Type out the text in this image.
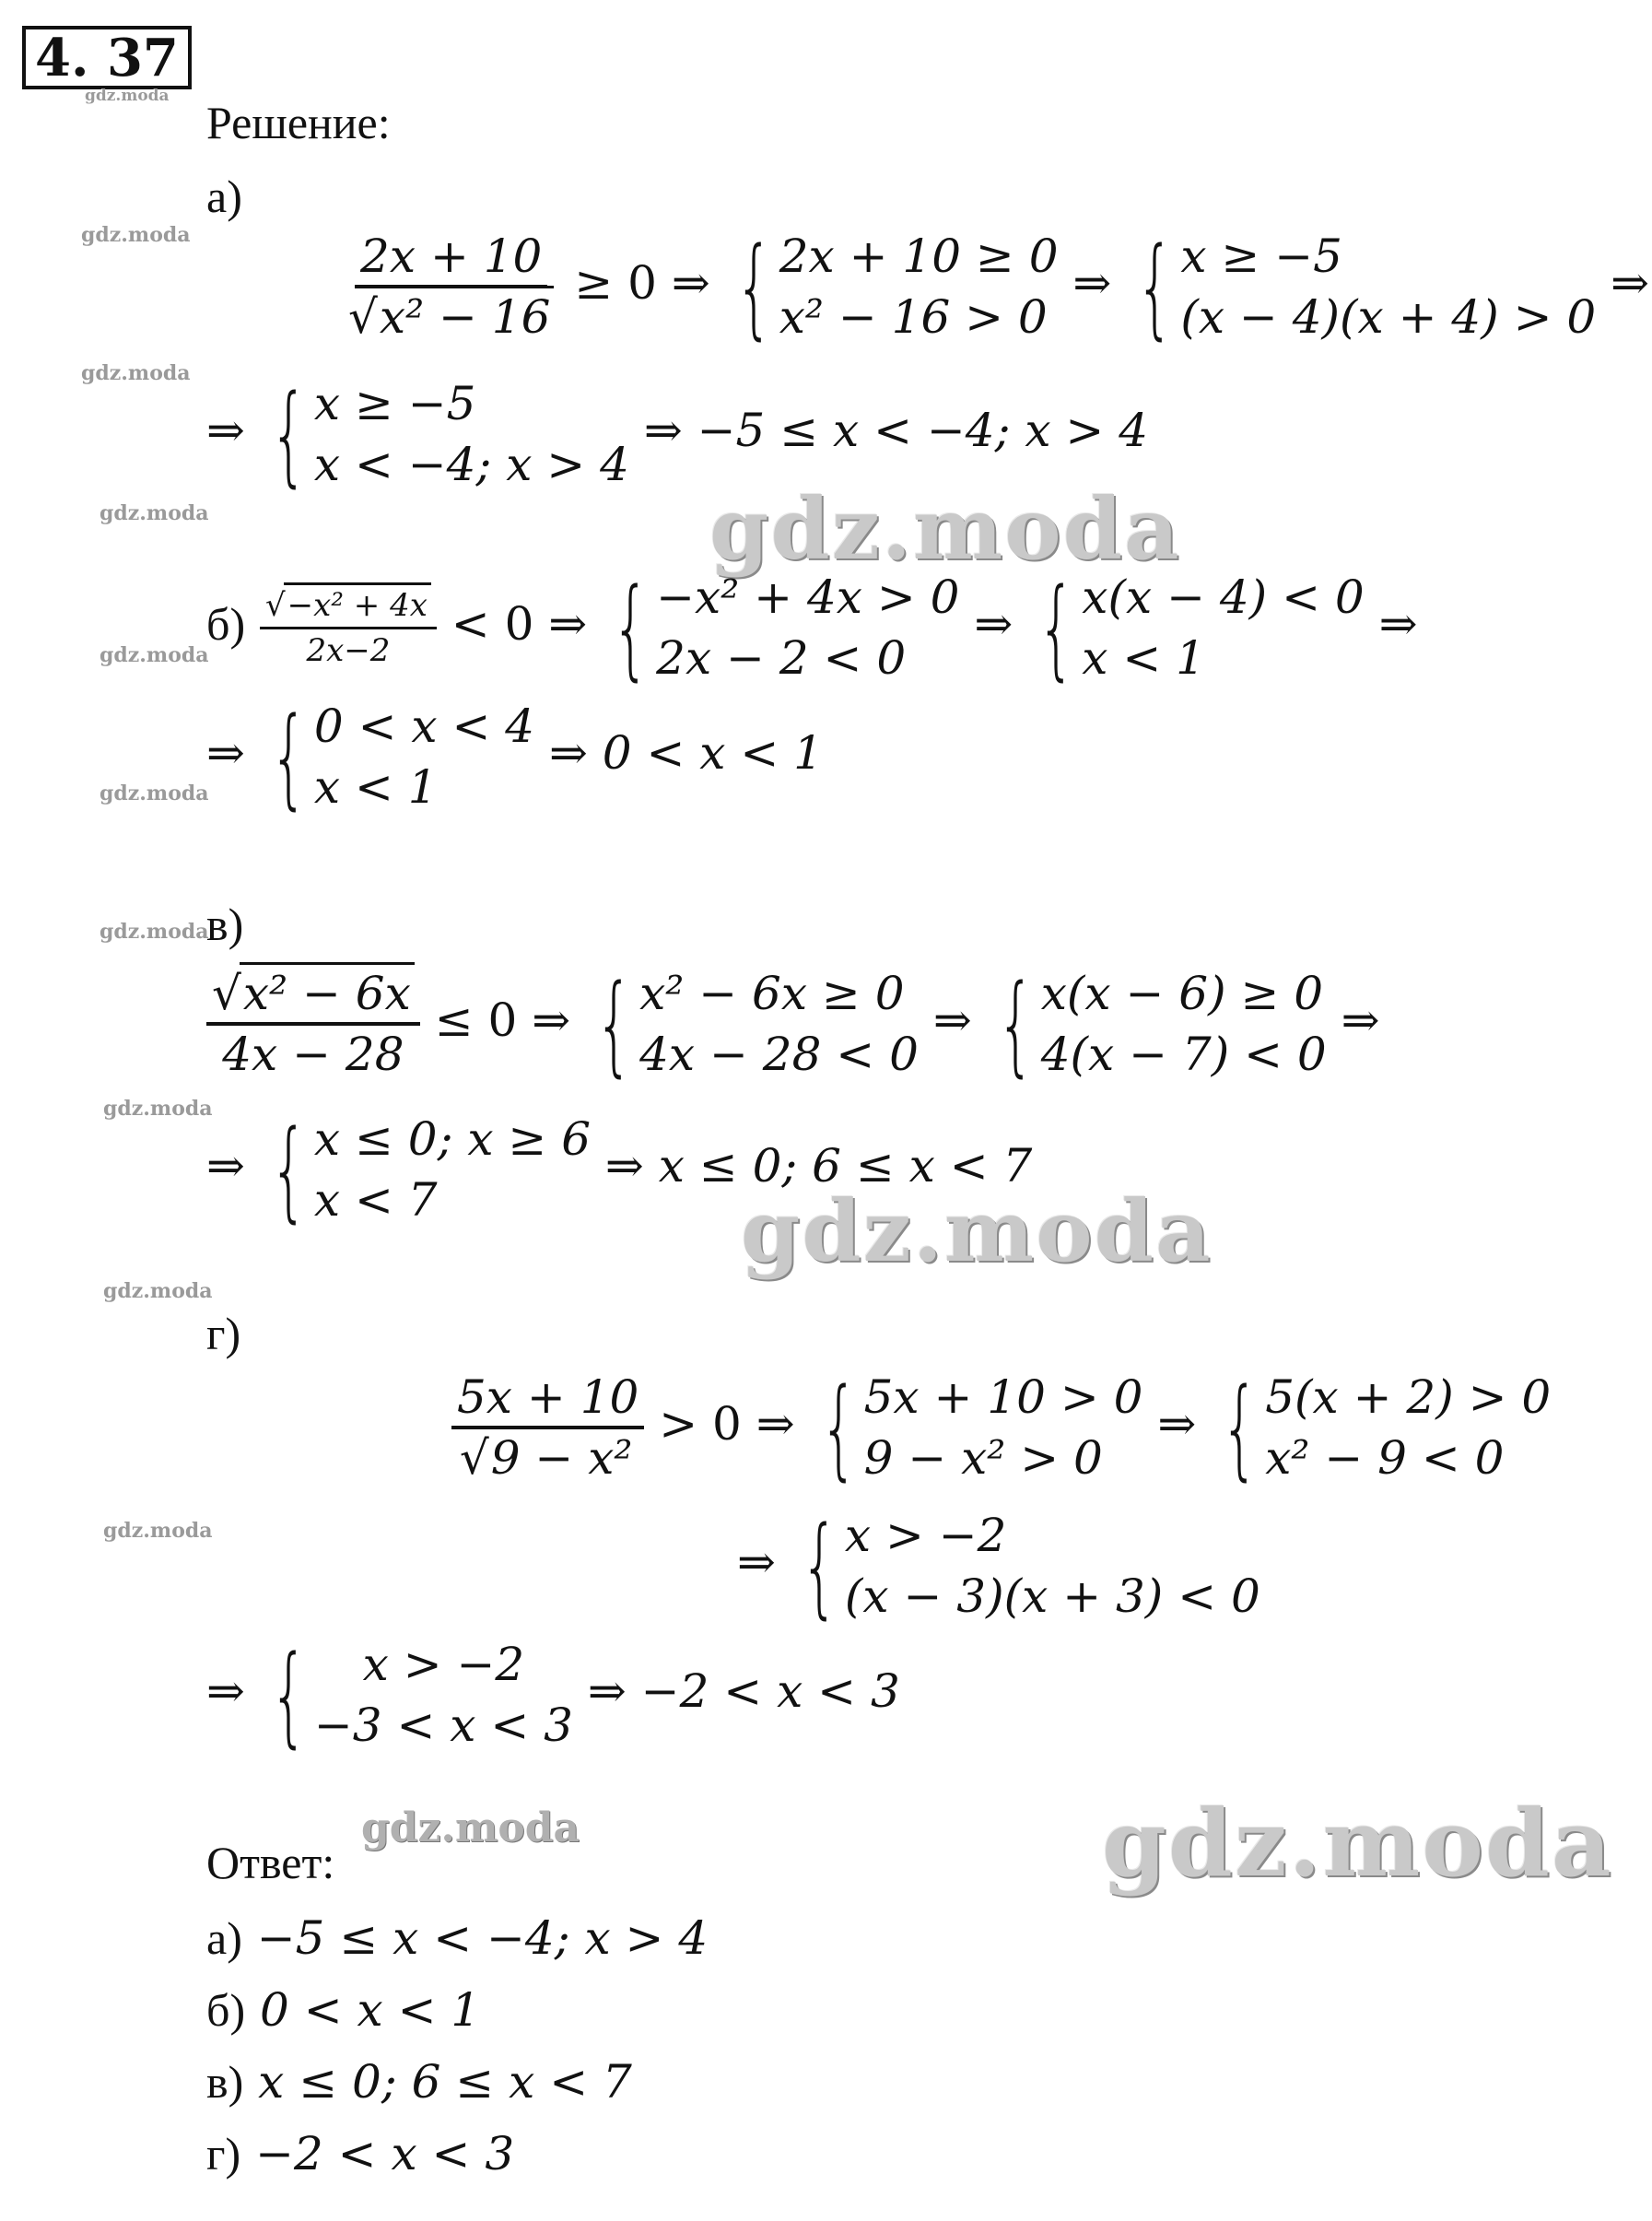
4. 37
gdz.moda
Решение:
а)
gdz.moda	$\frac{2x + 10}{\text{√x² − 16}} \ge 0$ ⇒ { 2x + 10 ≥ 0
x² − 16 > 0
⇒ { x ≥ −5
(x − 4)(x + 4) > 0
⇒
gdz.moda
⇒ { x ≥ −5
x < −4; x > 4
⇒ −5 ≤ x < −4; x > 4
gdz.moda	gdz.moda
gdz.moda
$б) \frac{\text{√−x² + 4x}}{2x-2} < 0$ ⇒ { −x² + 4x > 0
2x − 2 < 0
⇒ { x(x − 4) < 0
x < 1
⇒
gdz.moda
⇒ { 0 < x < 4
x < 1
⇒ 0 < x < 1
gdz.moda
в)
$\frac{\text{√x² − 6x}}{4x - 28} \le 0$ ⇒ { x² − 6x ≥ 0
4x − 28 < 0
⇒ { x(x − 6) ≥ 0
4(x − 7) < 0
⇒
gdz.moda
⇒ { x ≤ 0; x ≥ 6
x < 7
⇒ x ≤ 0; 6 ≤ x < 7
gdz.moda
gdz.moda
г)
$\frac{5x + 10}{\text{√9 − x²}} > 0$ ⇒ { 5x + 10 > 0
9 − x² > 0
⇒ { 5(x + 2) > 0
x² − 9 < 0
gdz.moda
⇒ { x > −2
(x − 3)(x + 3) < 0
⇒ { x > −2
−3 < x < 3
⇒ −2 < x < 3
gdz.moda	gdz.moda
Ответ:
а) −5 ≤ x < −4; x > 4
б) 0 < x < 1
в) x ≤ 0; 6 ≤ x < 7
г) −2 < x < 3
